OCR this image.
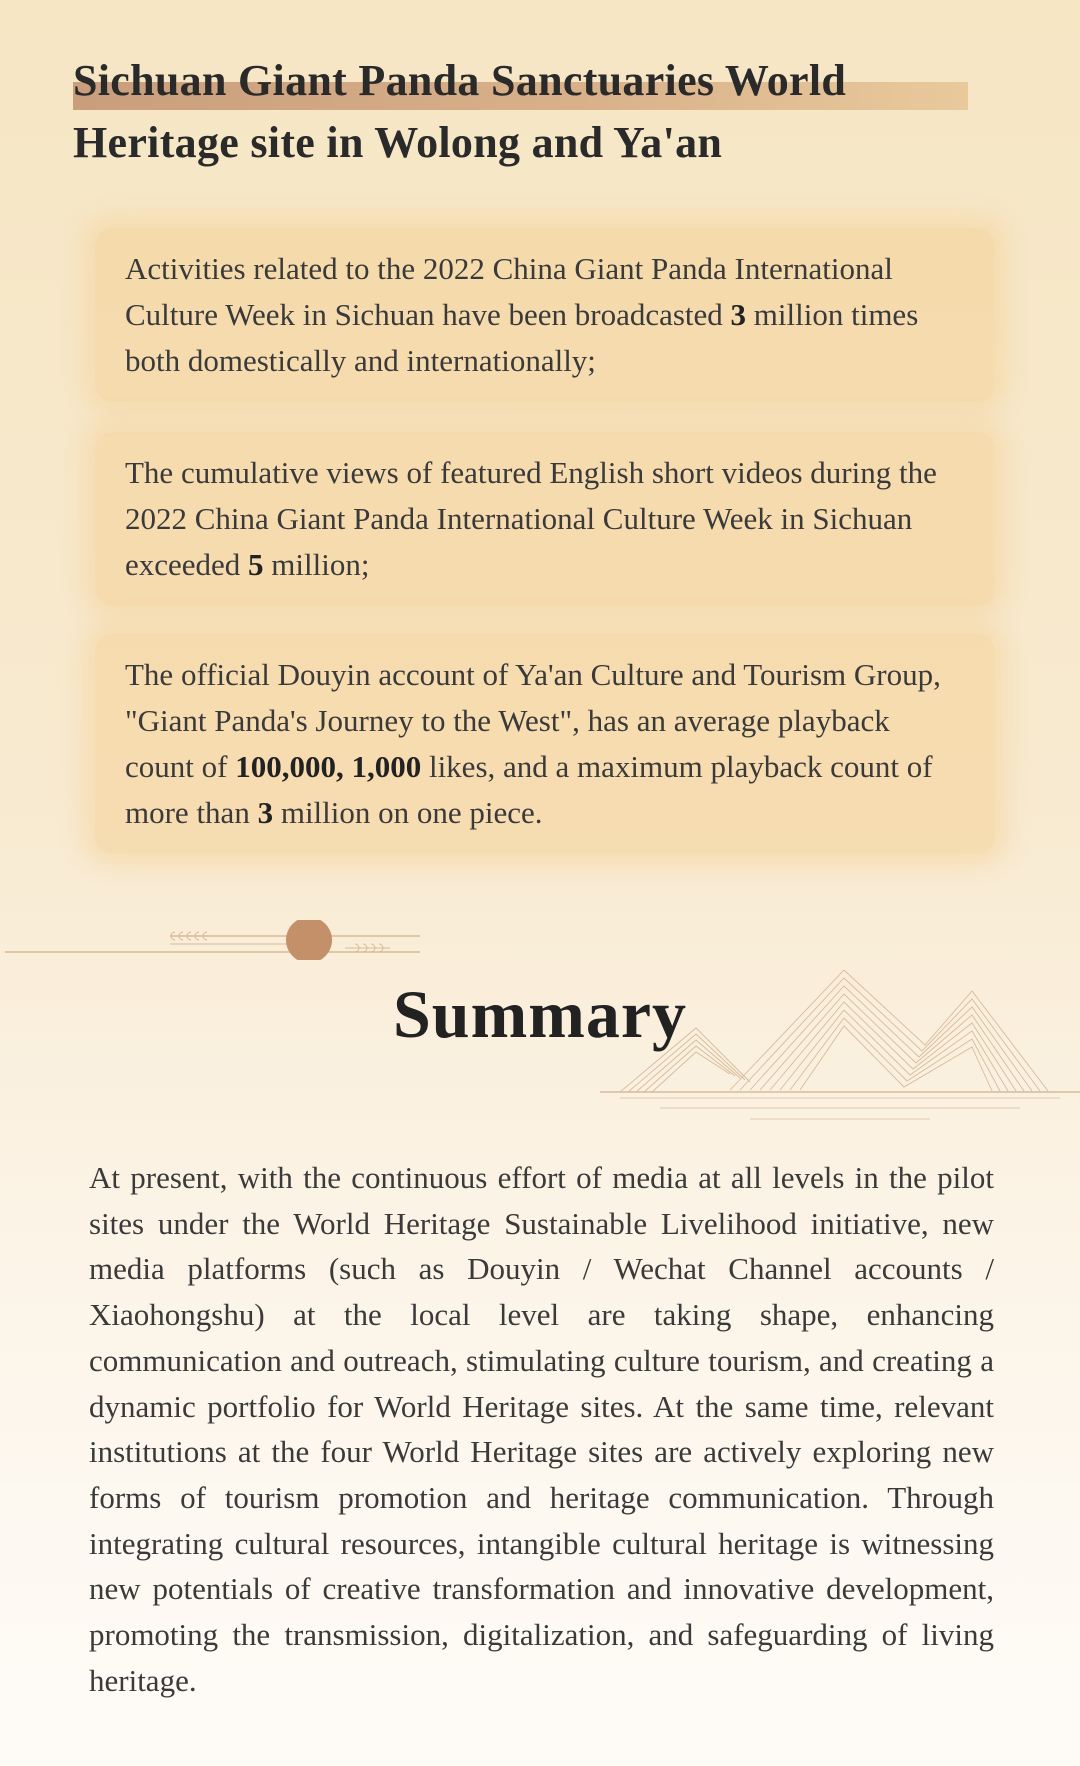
Sichuan Giant Panda Sanctuaries World Heritage site in Wolong and Ya'an
Activities related to the 2022 China Giant Panda International Culture Week in Sichuan have been broadcasted 3 million times both domestically and internationally;
The cumulative views of featured English short videos during the 2022 China Giant Panda International Culture Week in Sichuan exceeded 5 million;
The official Douyin account of Ya'an Culture and Tourism Group, "Giant Panda's Journey to the West", has an average playback count of 100,000, 1,000 likes, and a maximum playback count of more than 3 million on one piece.
Summary

At present, with the continuous effort of media at all levels in the pilot sites under the World Heritage Sustainable Livelihood initiative, new media platforms (such as Douyin / Wechat Channel accounts / Xiaohongshu) at the local level are taking shape, enhancing communication and outreach, stimulating culture tourism, and creating a dynamic portfolio for World Heritage sites. At the same time, relevant institutions at the four World Heritage sites are actively exploring new forms of tourism promotion and heritage communication. Through integrating cultural resources, intangible cultural heritage is witnessing new potentials of creative transformation and innovative development, promoting the transmission, digitalization, and safeguarding of living heritage.
